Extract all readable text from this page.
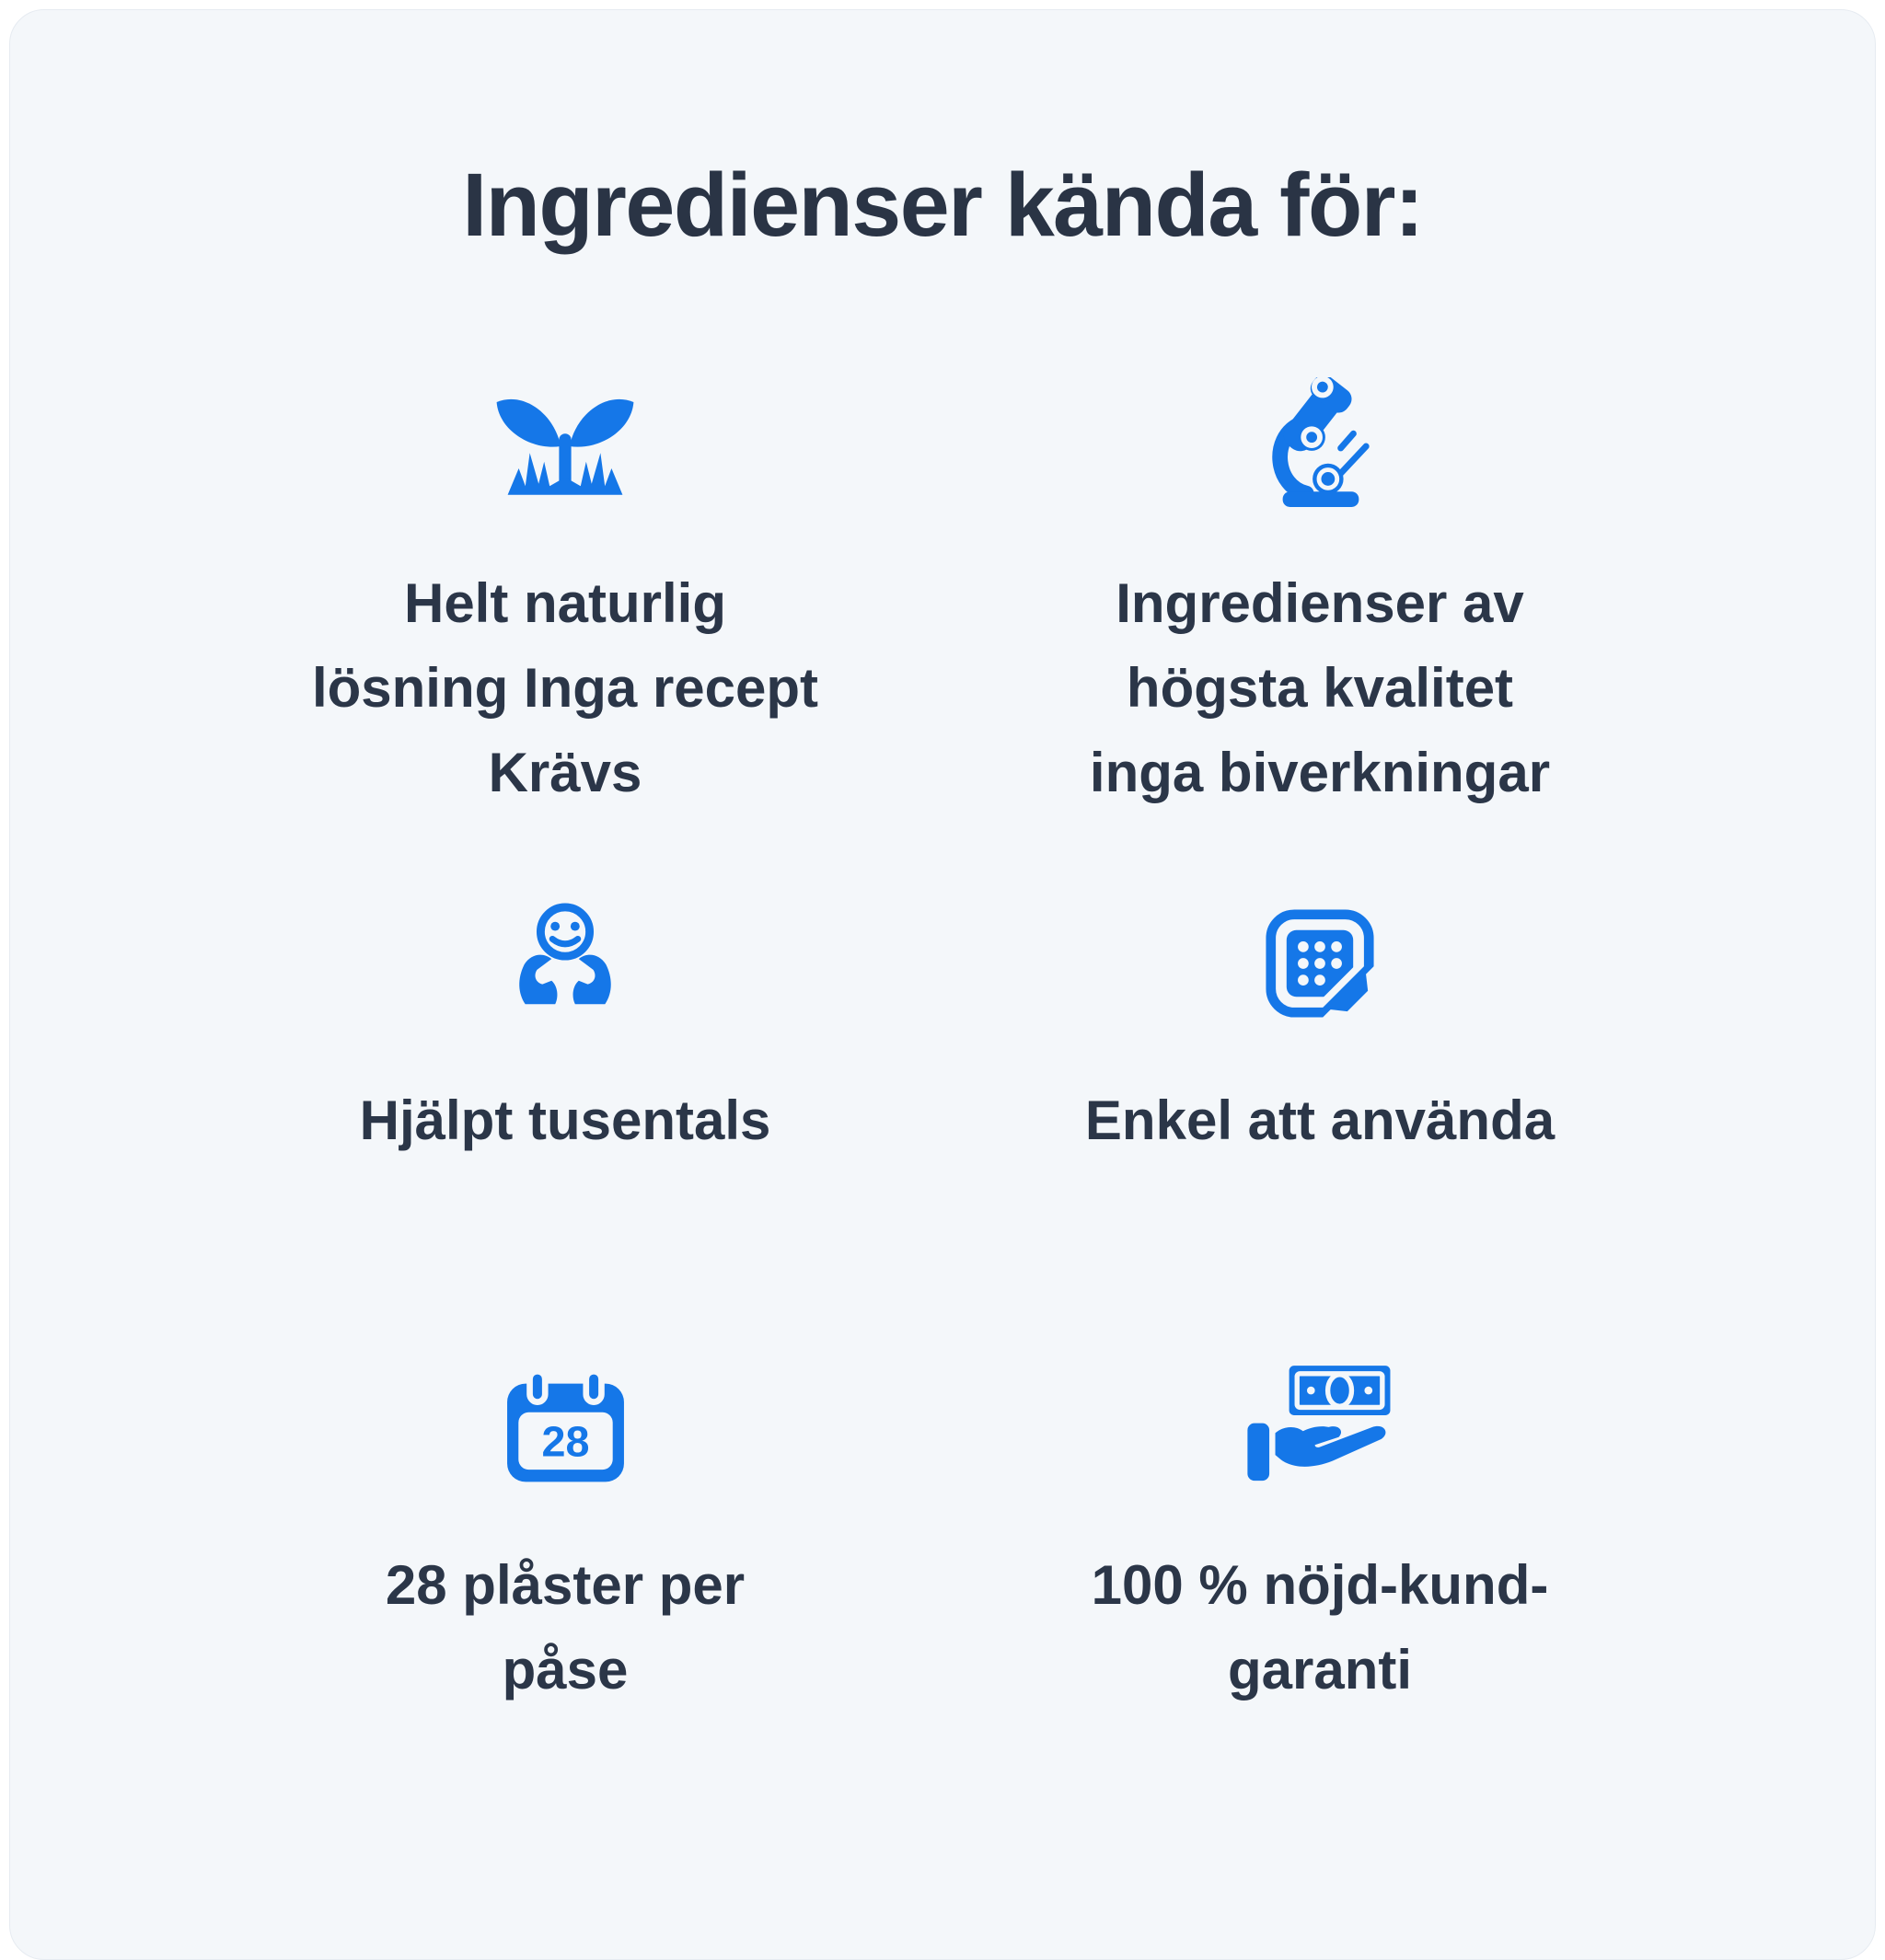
Ingredienser kända för:
Helt naturlig
lösning Inga recept
Krävs
Ingredienser av
högsta kvalitet
inga biverkningar
Hjälpt tusentals	Enkel att använda
28
28 plåster per
påse
100 % nöjd-kund-
garanti
